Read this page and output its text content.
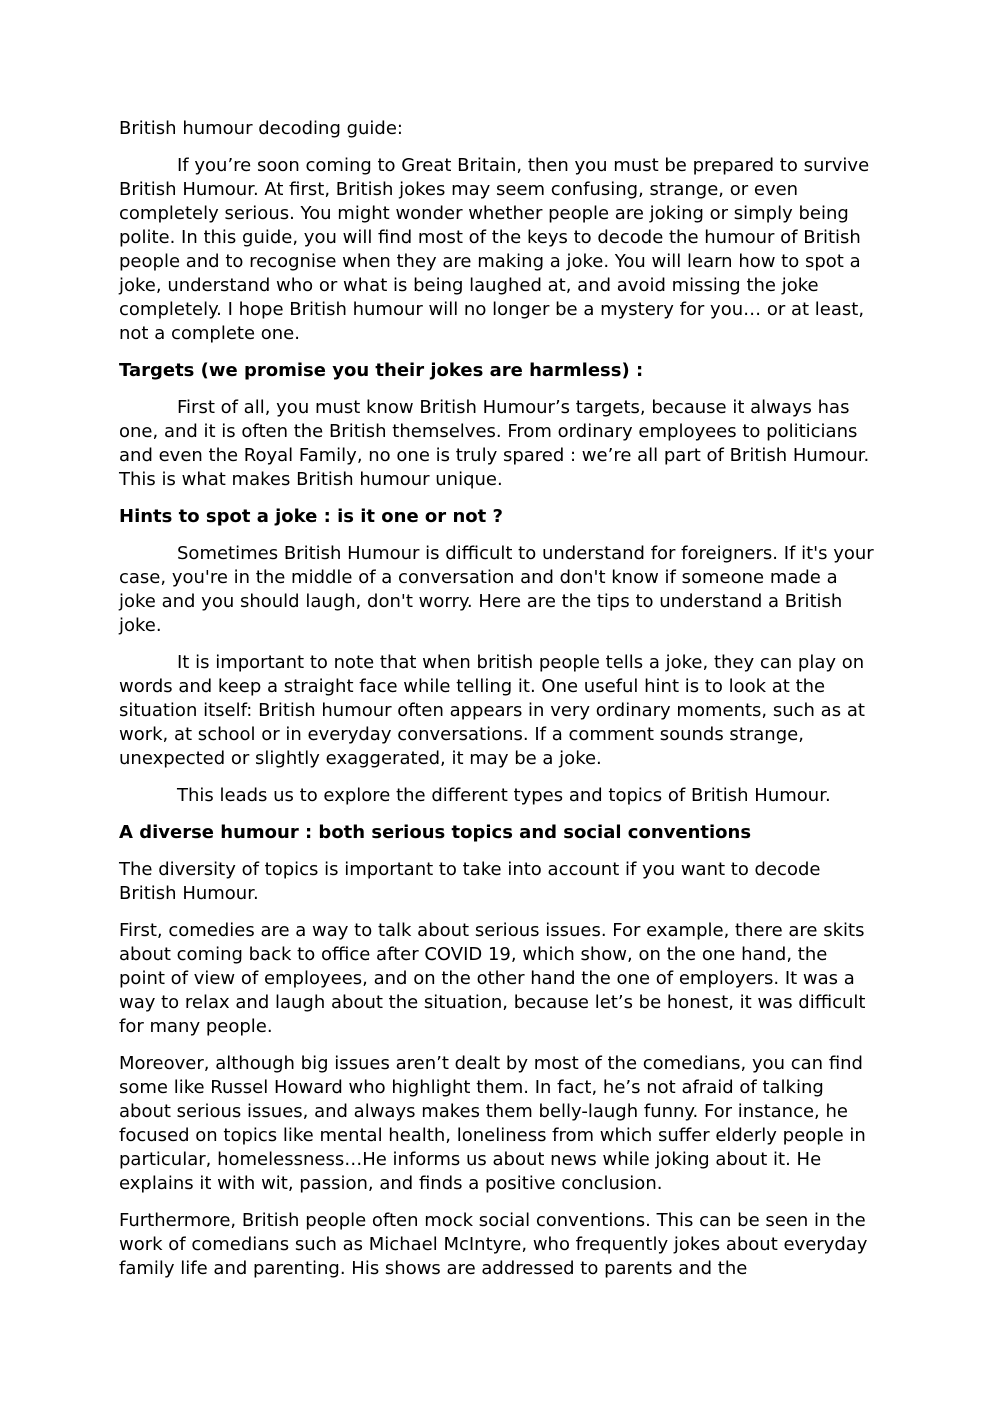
British humour decoding guide:

If you’re soon coming to Great Britain, then you must be prepared to survive British Humour. At first, British jokes may seem confusing, strange, or even completely serious. You might wonder whether people are joking or simply being polite. In this guide, you will find most of the keys to decode the humour of British people and to recognise when they are making a joke. You will learn how to spot a joke, understand who or what is being laughed at, and avoid missing the joke completely. I hope British humour will no longer be a mystery for you… or at least, not a complete one.

Targets (we promise you their jokes are harmless) :

First of all, you must know British Humour’s targets, because it always has one, and it is often the British themselves. From ordinary employees to politicians and even the Royal Family, no one is truly spared : we’re all part of British Humour. This is what makes British humour unique.

Hints to spot a joke : is it one or not ?

Sometimes British Humour is difficult to understand for foreigners. If it's your case, you're in the middle of a conversation and don't know if someone made a joke and you should laugh, don't worry. Here are the tips to understand a British joke.

It is important to note that when british people tells a joke, they can play on words and keep a straight face while telling it. One useful hint is to look at the situation itself: British humour often appears in very ordinary moments, such as at work, at school or in everyday conversations. If a comment sounds strange, unexpected or slightly exaggerated, it may be a joke.

This leads us to explore the different types and topics of British Humour.

A diverse humour : both serious topics and social conventions

The diversity of topics is important to take into account if you want to decode British Humour.

First, comedies are a way to talk about serious issues. For example, there are skits about coming back to office after COVID 19, which show, on the one hand, the point of view of employees, and on the other hand the one of employers. It was a way to relax and laugh about the situation, because let’s be honest, it was difficult for many people.

Moreover, although big issues aren’t dealt by most of the comedians, you can find some like Russel Howard who highlight them. In fact, he’s not afraid of talking about serious issues, and always makes them belly-laugh funny. For instance, he focused on topics like mental health, loneliness from which suffer elderly people in particular, homelessness…He informs us about news while joking about it. He explains it with wit, passion, and finds a positive conclusion.

Furthermore, British people often mock social conventions. This can be seen in the work of comedians such as Michael McIntyre, who frequently jokes about everyday family life and parenting. His shows are addressed to parents and the
